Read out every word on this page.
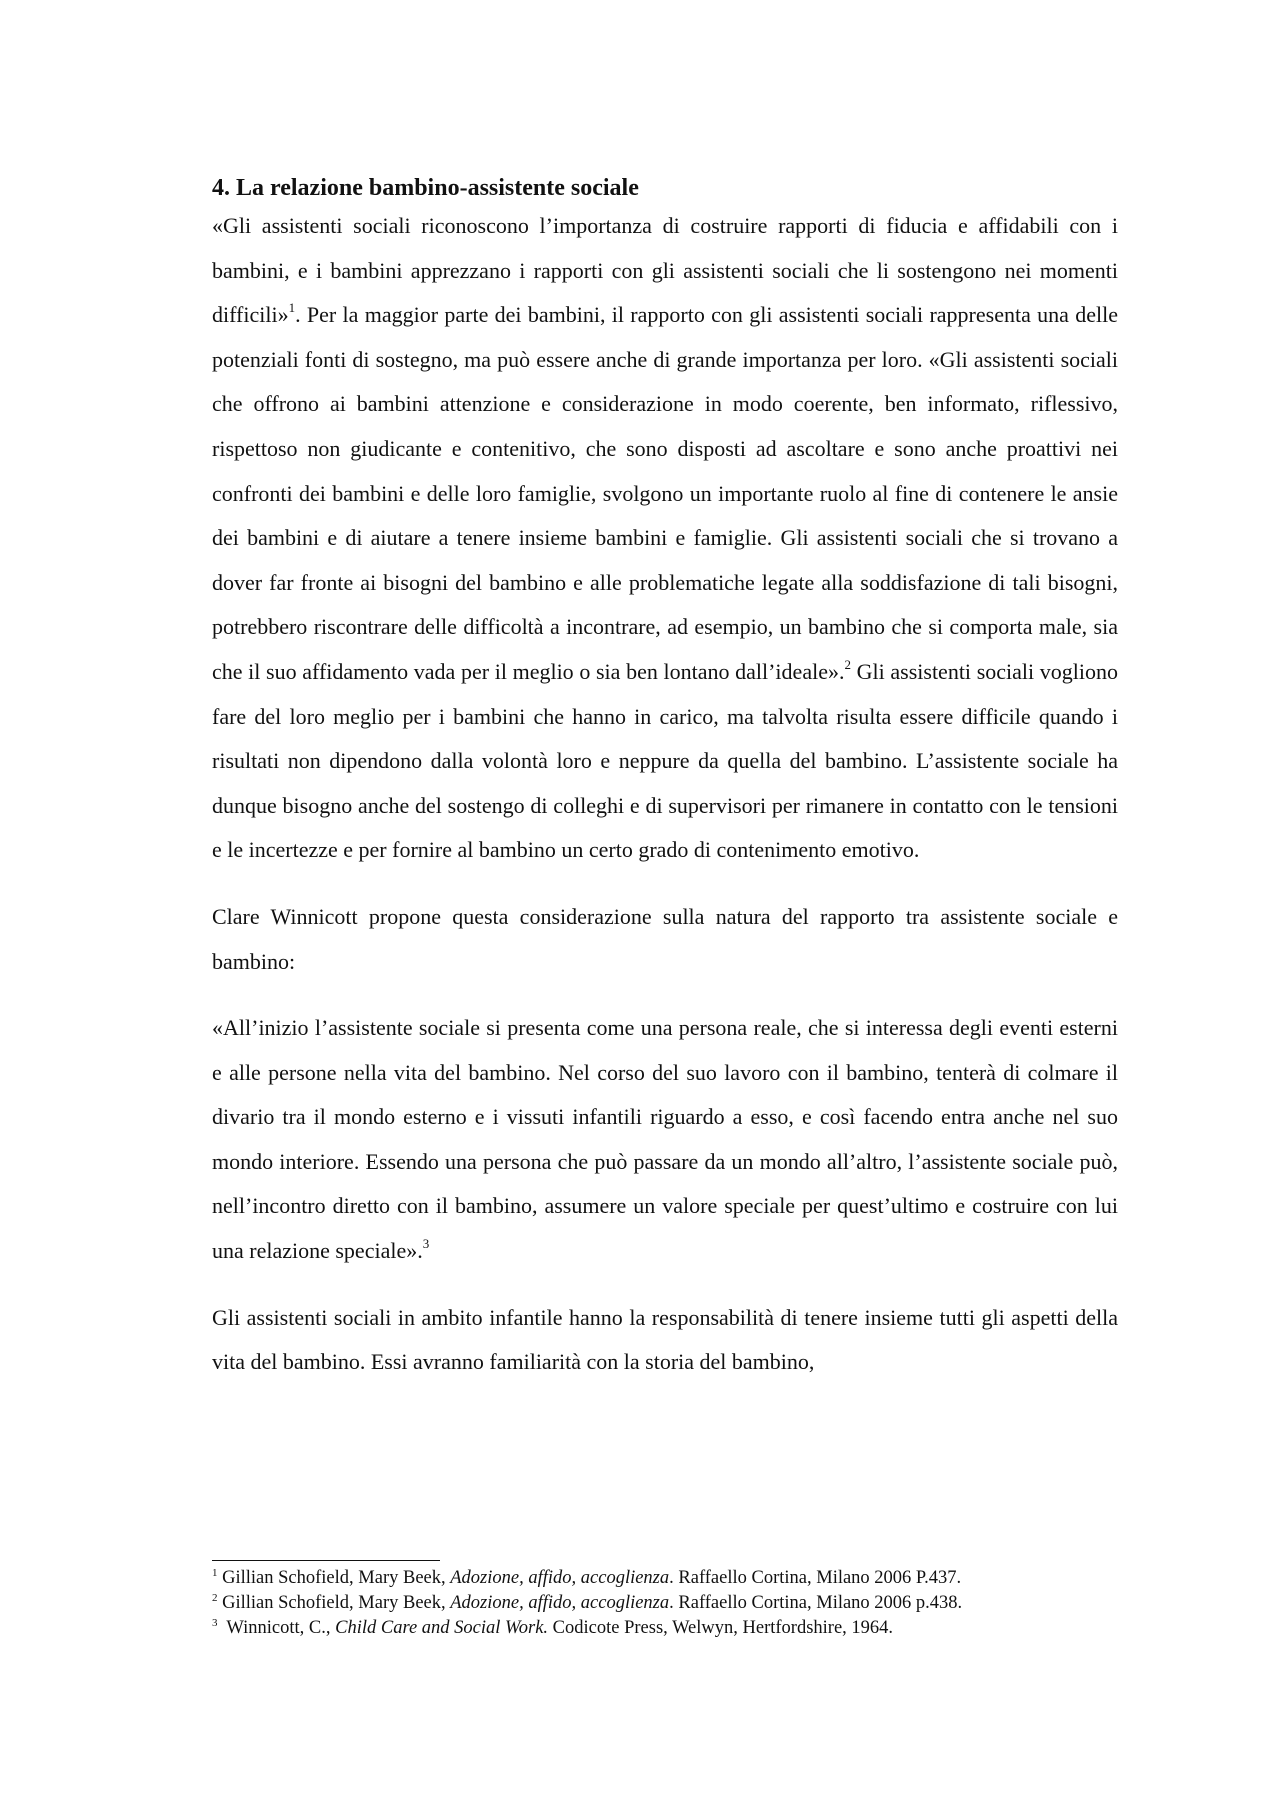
4. La relazione bambino-assistente sociale

«Gli assistenti sociali riconoscono l’importanza di costruire rapporti di fiducia e affidabili con i bambini, e i bambini apprezzano i rapporti con gli assistenti sociali che li sostengono nei momenti difficili»$^1$. Per la maggior parte dei bambini, il rapporto con gli assistenti sociali rappresenta una delle potenziali fonti di sostegno, ma può essere anche di grande importanza per loro. «Gli assistenti sociali che offrono ai bambini attenzione e considerazione in modo coerente, ben informato, riflessivo, rispettoso non giudicante e contenitivo, che sono disposti ad ascoltare e sono anche proattivi nei confronti dei bambini e delle loro famiglie, svolgono un importante ruolo al fine di contenere le ansie dei bambini e di aiutare a tenere insieme bambini e famiglie. Gli assistenti sociali che si trovano a dover far fronte ai bisogni del bambino e alle problematiche legate alla soddisfazione di tali bisogni, potrebbero riscontrare delle difficoltà a incontrare, ad esempio, un bambino che si comporta male, sia che il suo affidamento vada per il meglio o sia ben lontano dall’ideale».$^2$ Gli assistenti sociali vogliono fare del loro meglio per i bambini che hanno in carico, ma talvolta risulta essere difficile quando i risultati non dipendono dalla volontà loro e neppure da quella del bambino. L’assistente sociale ha dunque bisogno anche del sostengo di colleghi e di supervisori per rimanere in contatto con le tensioni e le incertezze e per fornire al bambino un certo grado di contenimento emotivo.

Clare Winnicott propone questa considerazione sulla natura del rapporto tra assistente sociale e bambino:

«All’inizio l’assistente sociale si presenta come una persona reale, che si interessa degli eventi esterni e alle persone nella vita del bambino. Nel corso del suo lavoro con il bambino, tenterà di colmare il divario tra il mondo esterno e i vissuti infantili riguardo a esso, e così facendo entra anche nel suo mondo interiore. Essendo una persona che può passare da un mondo all’altro, l’assistente sociale può, nell’incontro diretto con il bambino, assumere un valore speciale per quest’ultimo e costruire con lui una relazione speciale».$^3$

Gli assistenti sociali in ambito infantile hanno la responsabilità di tenere insieme tutti gli aspetti della vita del bambino. Essi avranno familiarità con la storia del bambino,

$^1$ Gillian Schofield, Mary Beek, Adozione, affido, accoglienza. Raffaello Cortina, Milano 2006 P.437.

$^2$ Gillian Schofield, Mary Beek, Adozione, affido, accoglienza. Raffaello Cortina, Milano 2006 p.438.

$^3$  Winnicott, C., Child Care and Social Work. Codicote Press, Welwyn, Hertfordshire, 1964.
